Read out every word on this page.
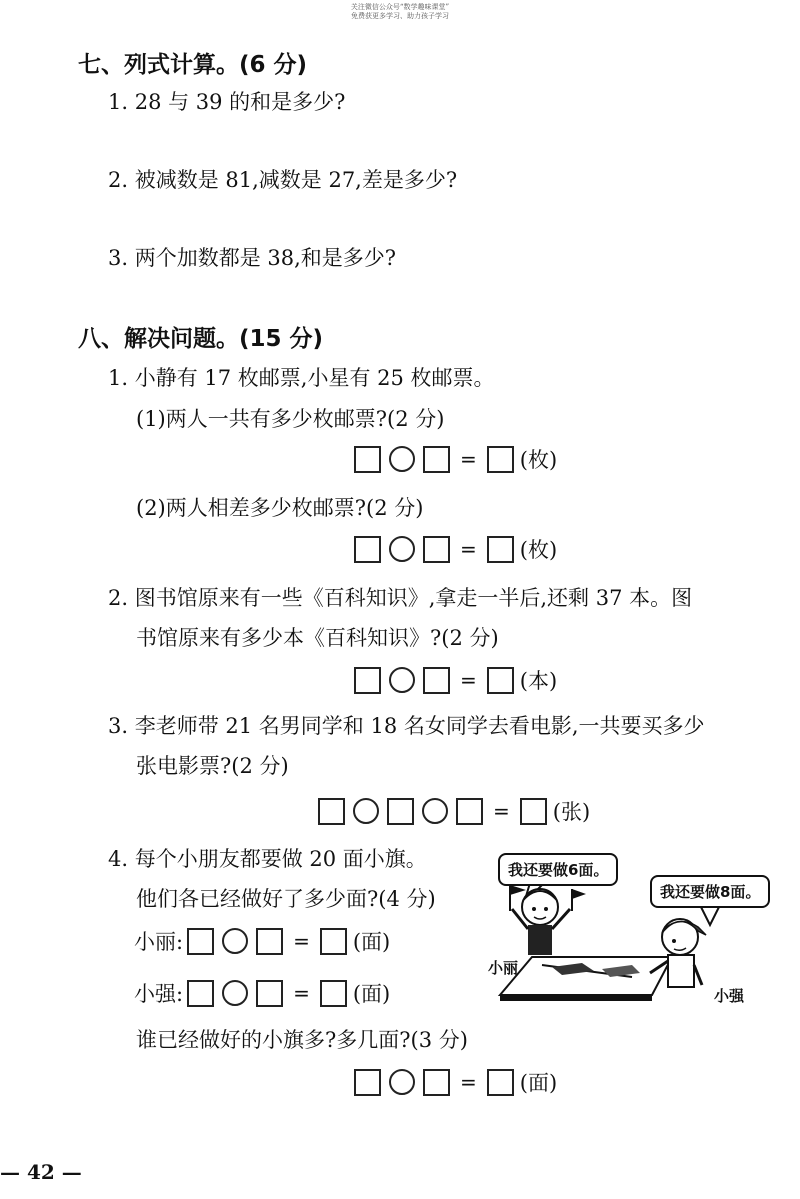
关注微信公众号“数学趣味课堂”
免费获更多学习、助力孩子学习
七、列式计算。(6 分)
1. 28 与 39 的和是多少?
2. 被减数是 81,减数是 27,差是多少?
3. 两个加数都是 38,和是多少?
八、解决问题。(15 分)
1. 小静有 17 枚邮票,小星有 25 枚邮票。
(1)两人一共有多少枚邮票?(2 分)
= (枚)
(2)两人相差多少枚邮票?(2 分)
= (枚)
2. 图书馆原来有一些《百科知识》,拿走一半后,还剩 37 本。图
书馆原来有多少本《百科知识》?(2 分)
= (本)
3. 李老师带 21 名男同学和 18 名女同学去看电影,一共要买多少
张电影票?(2 分)
= (张)
4. 每个小朋友都要做 20 面小旗。
他们各已经做好了多少面?(4 分)
小丽:	= (面)
小强:	= (面)
谁已经做好的小旗多?多几面?(3 分)
= (面)
我还要做6面。
我还要做8面。
小丽
小强
— 42 —
